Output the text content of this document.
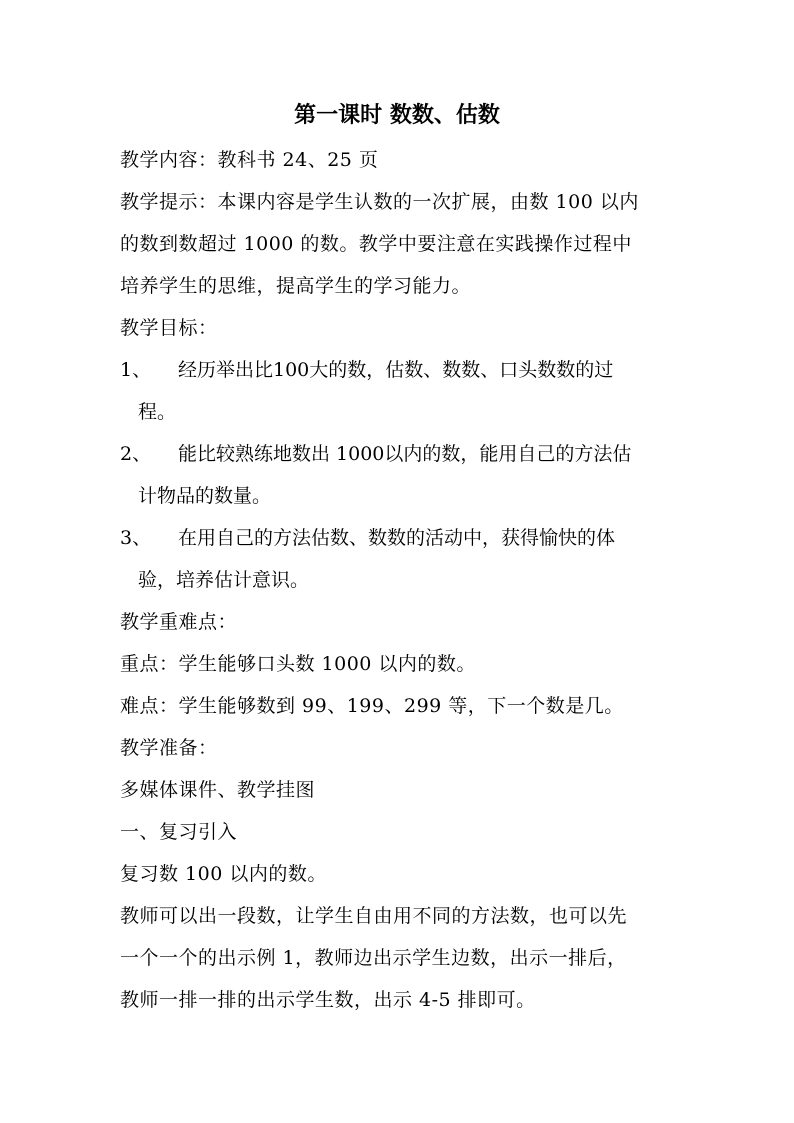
第一课时 数数、估数
教学内容：教科书 24、25 页
教学提示：本课内容是学生认数的一次扩展，由数 100 以内
的数到数超过 1000 的数。教学中要注意在实践操作过程中
培养学生的思维，提高学生的学习能力。
教学目标：
1、 经历举出比100大的数，估数、数数、口头数数的过
程。
2、 能比较熟练地数出 1000以内的数，能用自己的方法估
计物品的数量。
3、 在用自己的方法估数、数数的活动中，获得愉快的体
验，培养估计意识。
教学重难点：
重点：学生能够口头数 1000 以内的数。
难点：学生能够数到 99、199、299 等，下一个数是几。
教学准备：
多媒体课件、教学挂图
一、复习引入
复习数 100 以内的数。
教师可以出一段数，让学生自由用不同的方法数，也可以先
一个一个的出示例 1，教师边出示学生边数，出示一排后，
教师一排一排的出示学生数，出示 4-5 排即可。
